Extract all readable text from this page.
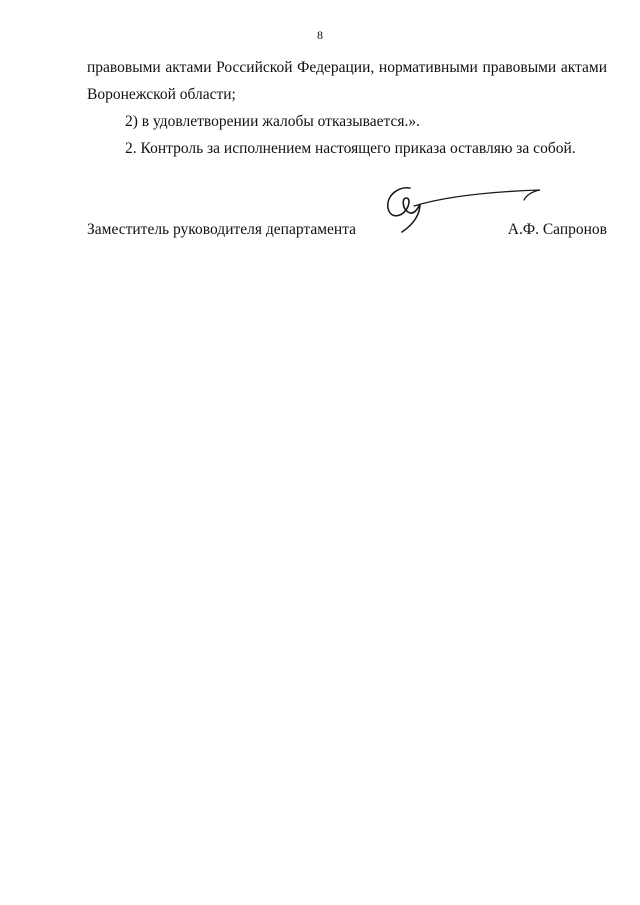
8

правовыми актами Российской Федерации, нормативными правовыми актами
Воронежской области;

2) в удовлетворении жалобы отказывается.».

2. Контроль за исполнением настоящего приказа оставляю за собой.

Заместитель руководителя департамента	А.Ф. Сапронов
